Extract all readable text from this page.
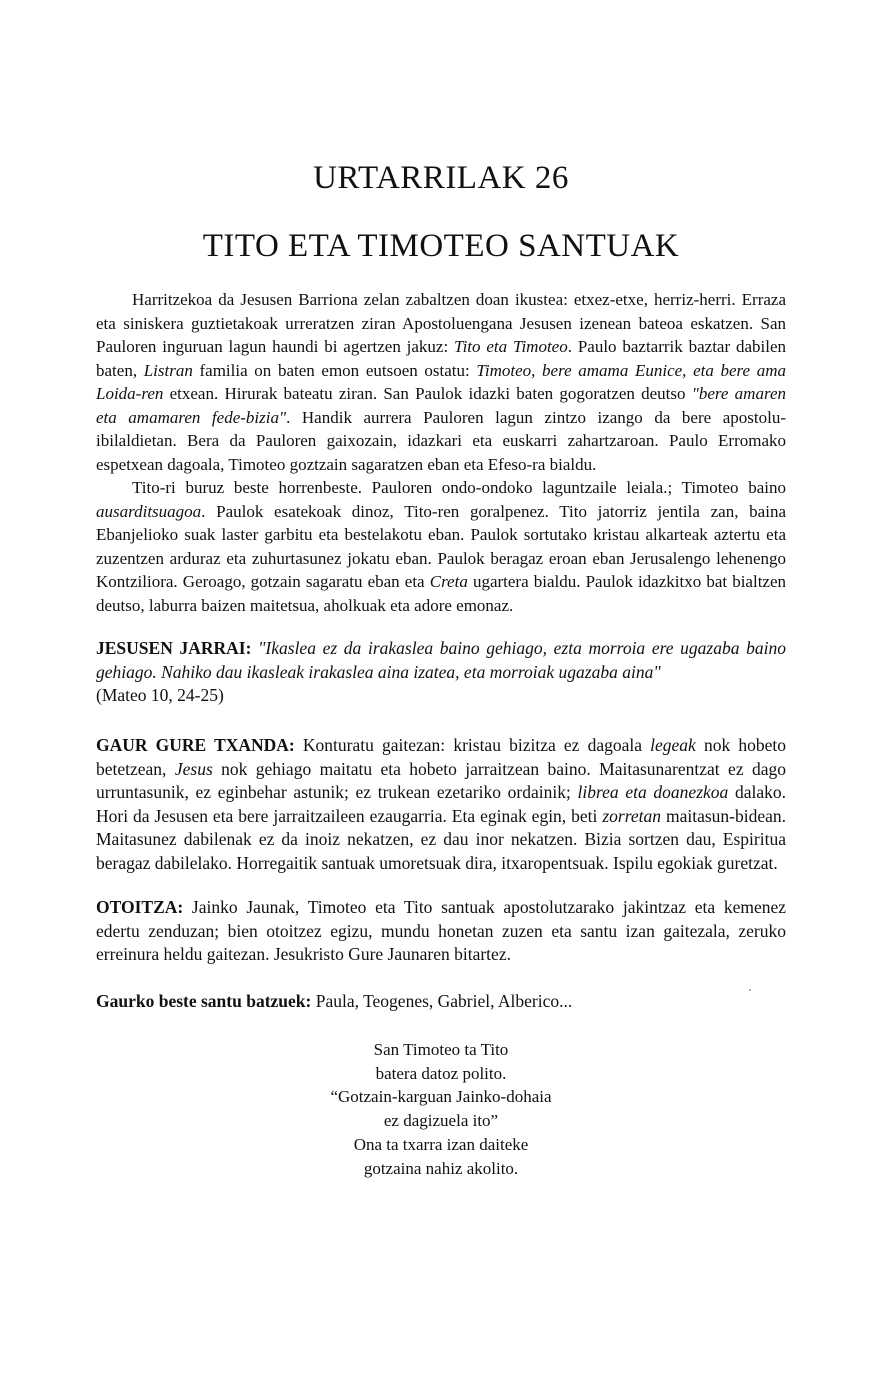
URTARRILAK 26
TITO ETA TIMOTEO SANTUAK

Harritzekoa da Jesusen Barriona zelan zabaltzen doan ikustea: etxez-etxe, herriz-herri. Erraza eta siniskera guztietakoak urreratzen ziran Apostoluengana Jesusen izenean bateoa eskatzen. San Pauloren inguruan lagun haundi bi agertzen jakuz: Tito eta Timoteo. Paulo baztarrik baztar dabilen baten, Listran familia on baten emon eutsoen ostatu: Timoteo, bere amama Eunice, eta bere ama Loida-ren etxean. Hirurak bateatu ziran. San Paulok idazki baten gogoratzen deutso "bere amaren eta amamaren fede-bizia". Handik aurrera Pauloren lagun zintzo izango da bere apostolu-ibilaldietan. Bera da Pauloren gaixozain, idazkari eta euskarri zahartzaroan. Paulo Erromako espetxean dagoala, Timoteo goztzain sagaratzen eban eta Efeso-ra bialdu.

Tito-ri buruz beste horrenbeste. Pauloren ondo-ondoko laguntzaile leiala.; Timoteo baino ausarditsuagoa. Paulok esatekoak dinoz, Tito-ren goralpenez. Tito jatorriz jentila zan, baina Ebanjelioko suak laster garbitu eta bestelakotu eban. Paulok sortutako kristau alkarteak aztertu eta zuzentzen arduraz eta zuhurtasunez jokatu eban. Paulok beragaz eroan eban Jerusalengo lehenengo Kontziliora. Geroago, gotzain sagaratu eban eta Creta ugartera bialdu. Paulok idazkitxo bat bialtzen deutso, laburra baizen maitetsua, aholkuak eta adore emonaz.

JESUSEN JARRAI: "Ikaslea ez da irakaslea baino gehiago, ezta morroia ere ugazaba baino gehiago. Nahiko dau ikasleak irakaslea aina izatea, eta morroiak ugazaba aina"
(Mateo 10, 24-25)
GAUR GURE TXANDA: Konturatu gaitezan: kristau bizitza ez dagoala legeak nok hobeto betetzean, Jesus nok gehiago maitatu eta hobeto jarraitzean baino. Maitasunarentzat ez dago urruntasunik, ez eginbehar astunik; ez trukean ezetariko ordainik; librea eta doanezkoa dalako. Hori da Jesusen eta bere jarraitzaileen ezaugarria. Eta eginak egin, beti zorretan maitasun-bidean. Maitasunez dabilenak ez da inoiz nekatzen, ez dau inor nekatzen. Bizia sortzen dau, Espiritua beragaz dabilelako. Horregaitik santuak umoretsuak dira, itxaropentsuak. Ispilu egokiak guretzat.
OTOITZA: Jainko Jaunak, Timoteo eta Tito santuak apostolutzarako jakintzaz eta kemenez edertu zenduzan; bien otoitzez egizu, mundu honetan zuzen eta santu izan gaitezala, zeruko erreinura heldu gaitezan. Jesukristo Gure Jaunaren bitartez.
Gaurko beste santu batzuek: Paula, Teogenes, Gabriel, Alberico...
San Timoteo ta Tito
batera datoz polito.
“Gotzain-karguan Jainko-dohaia
ez dagizuela ito”
Ona ta txarra izan daiteke
gotzaina nahiz akolito.
